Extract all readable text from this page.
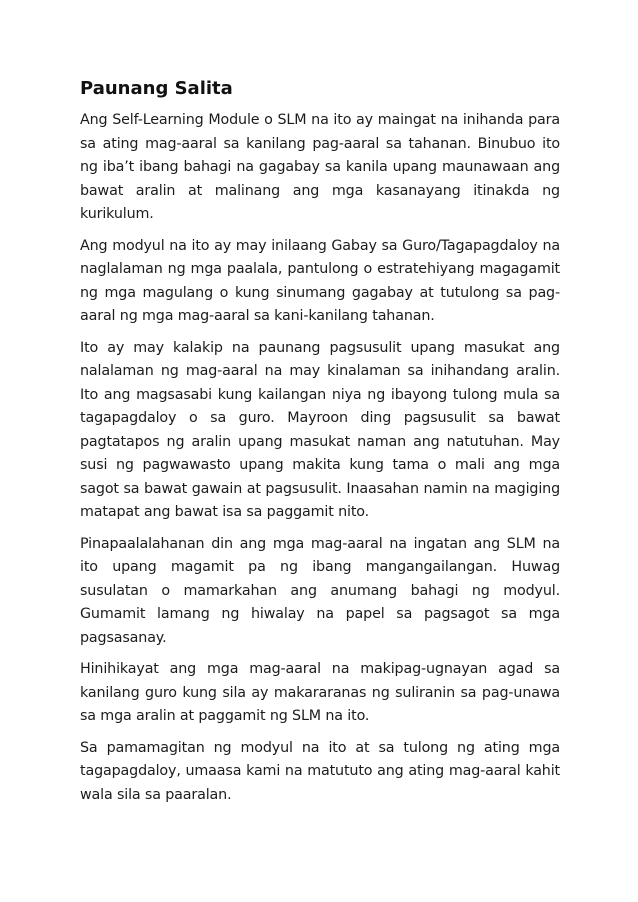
Paunang Salita

Ang Self-Learning Module o SLM na ito ay maingat na inihanda para sa ating mag-aaral sa kanilang pag-aaral sa tahanan. Binubuo ito ng iba’t ibang bahagi na gagabay sa kanila upang maunawaan ang bawat aralin at malinang ang mga kasanayang itinakda ng kurikulum.

Ang modyul na ito ay may inilaang Gabay sa Guro/Tagapagdaloy na naglalaman ng mga paalala, pantulong o estratehiyang magagamit ng mga magulang o kung sinumang gagabay at tutulong sa pag-aaral ng mga mag-aaral sa kani-kanilang tahanan.

Ito ay may kalakip na paunang pagsusulit upang masukat ang nalalaman ng mag-aaral na may kinalaman sa inihandang aralin. Ito ang magsasabi kung kailangan niya ng ibayong tulong mula sa tagapagdaloy o sa guro. Mayroon ding pagsusulit sa bawat pagtatapos ng aralin upang masukat naman ang natutuhan. May susi ng pagwawasto upang makita kung tama o mali ang mga sagot sa bawat gawain at pagsusulit. Inaasahan namin na magiging matapat ang bawat isa sa paggamit nito.

Pinapaalalahanan din ang mga mag-aaral na ingatan ang SLM na ito upang magamit pa ng ibang mangangailangan. Huwag susulatan o mamarkahan ang anumang bahagi ng modyul. Gumamit lamang ng hiwalay na papel sa pagsagot sa mga pagsasanay.

Hinihikayat ang mga mag-aaral na makipag-ugnayan agad sa kanilang guro kung sila ay makararanas ng suliranin sa pag-unawa sa mga aralin at paggamit ng SLM na ito.

Sa pamamagitan ng modyul na ito at sa tulong ng ating mga tagapagdaloy, umaasa kami na matututo ang ating mag-aaral kahit wala sila sa paaralan.
